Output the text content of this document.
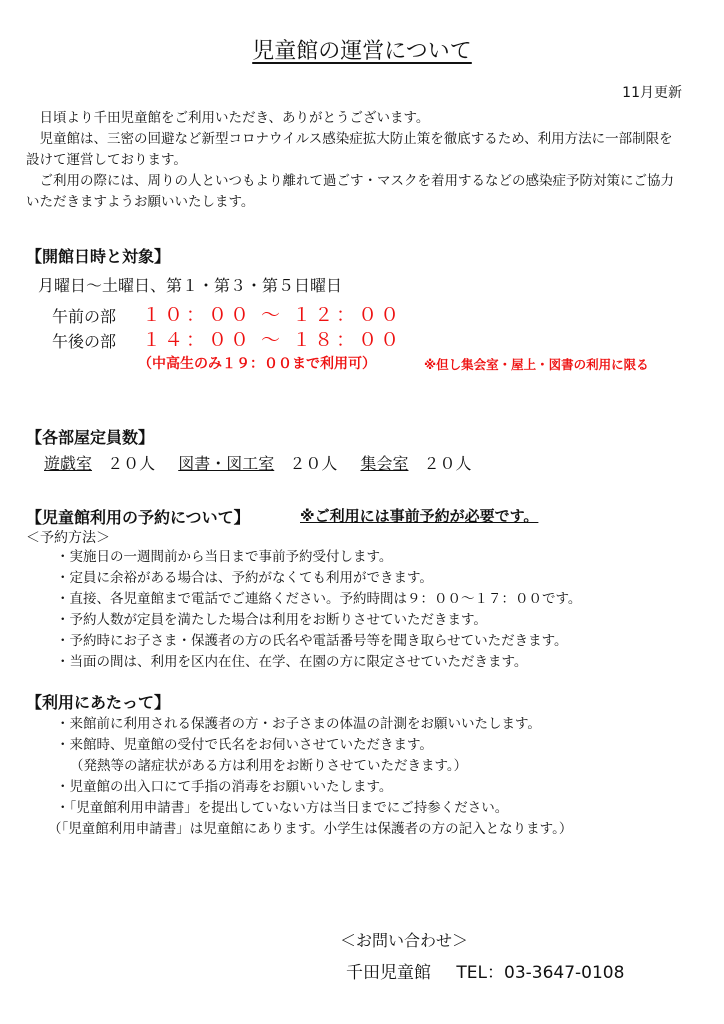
児童館の運営について
11月更新
日頃より千田児童館をご利用いただき、ありがとうございます。
児童館は、三密の回避など新型コロナウイルス感染症拡大防止策を徹底するため、利用方法に一部制限を設けて運営しております。
ご利用の際には、周りの人といつもより離れて過ごす・マスクを着用するなどの感染症予防対策にご協力いただきますようお願いいたします。
【開館日時と対象】
月曜日～土曜日、第１・第３・第５日曜日
午前の部 １０：００ ～ １２：００
午後の部 １４：００ ～ １８：００
（中高生のみ１９：００まで利用可）	※但し集会室・屋上・図書の利用に限る
【各部屋定員数】
遊戯室 ２０人 図書・図工室 ２０人 集会室 ２０人
【児童館利用の予約について】	※ご利用には事前予約が必要です。
＜予約方法＞
・実施日の一週間前から当日まで事前予約受付します。
・定員に余裕がある場合は、予約がなくても利用ができます。
・直接、各児童館まで電話でご連絡ください。予約時間は９：００～１７：００です。
・予約人数が定員を満たした場合は利用をお断りさせていただきます。
・予約時にお子さま・保護者の方の氏名や電話番号等を聞き取らせていただきます。
・当面の間は、利用を区内在住、在学、在園の方に限定させていただきます。
【利用にあたって】
・来館前に利用される保護者の方・お子さまの体温の計測をお願いいたします。
・来館時、児童館の受付で氏名をお伺いさせていただきます。
（発熱等の諸症状がある方は利用をお断りさせていただきます。）
・児童館の出入口にて手指の消毒をお願いいたします。
・「児童館利用申請書」を提出していない方は当日までにご持参ください。
（「児童館利用申請書」は児童館にあります。小学生は保護者の方の記入となります。）
＜お問い合わせ＞
千田児童館 TEL：03-3647-0108
